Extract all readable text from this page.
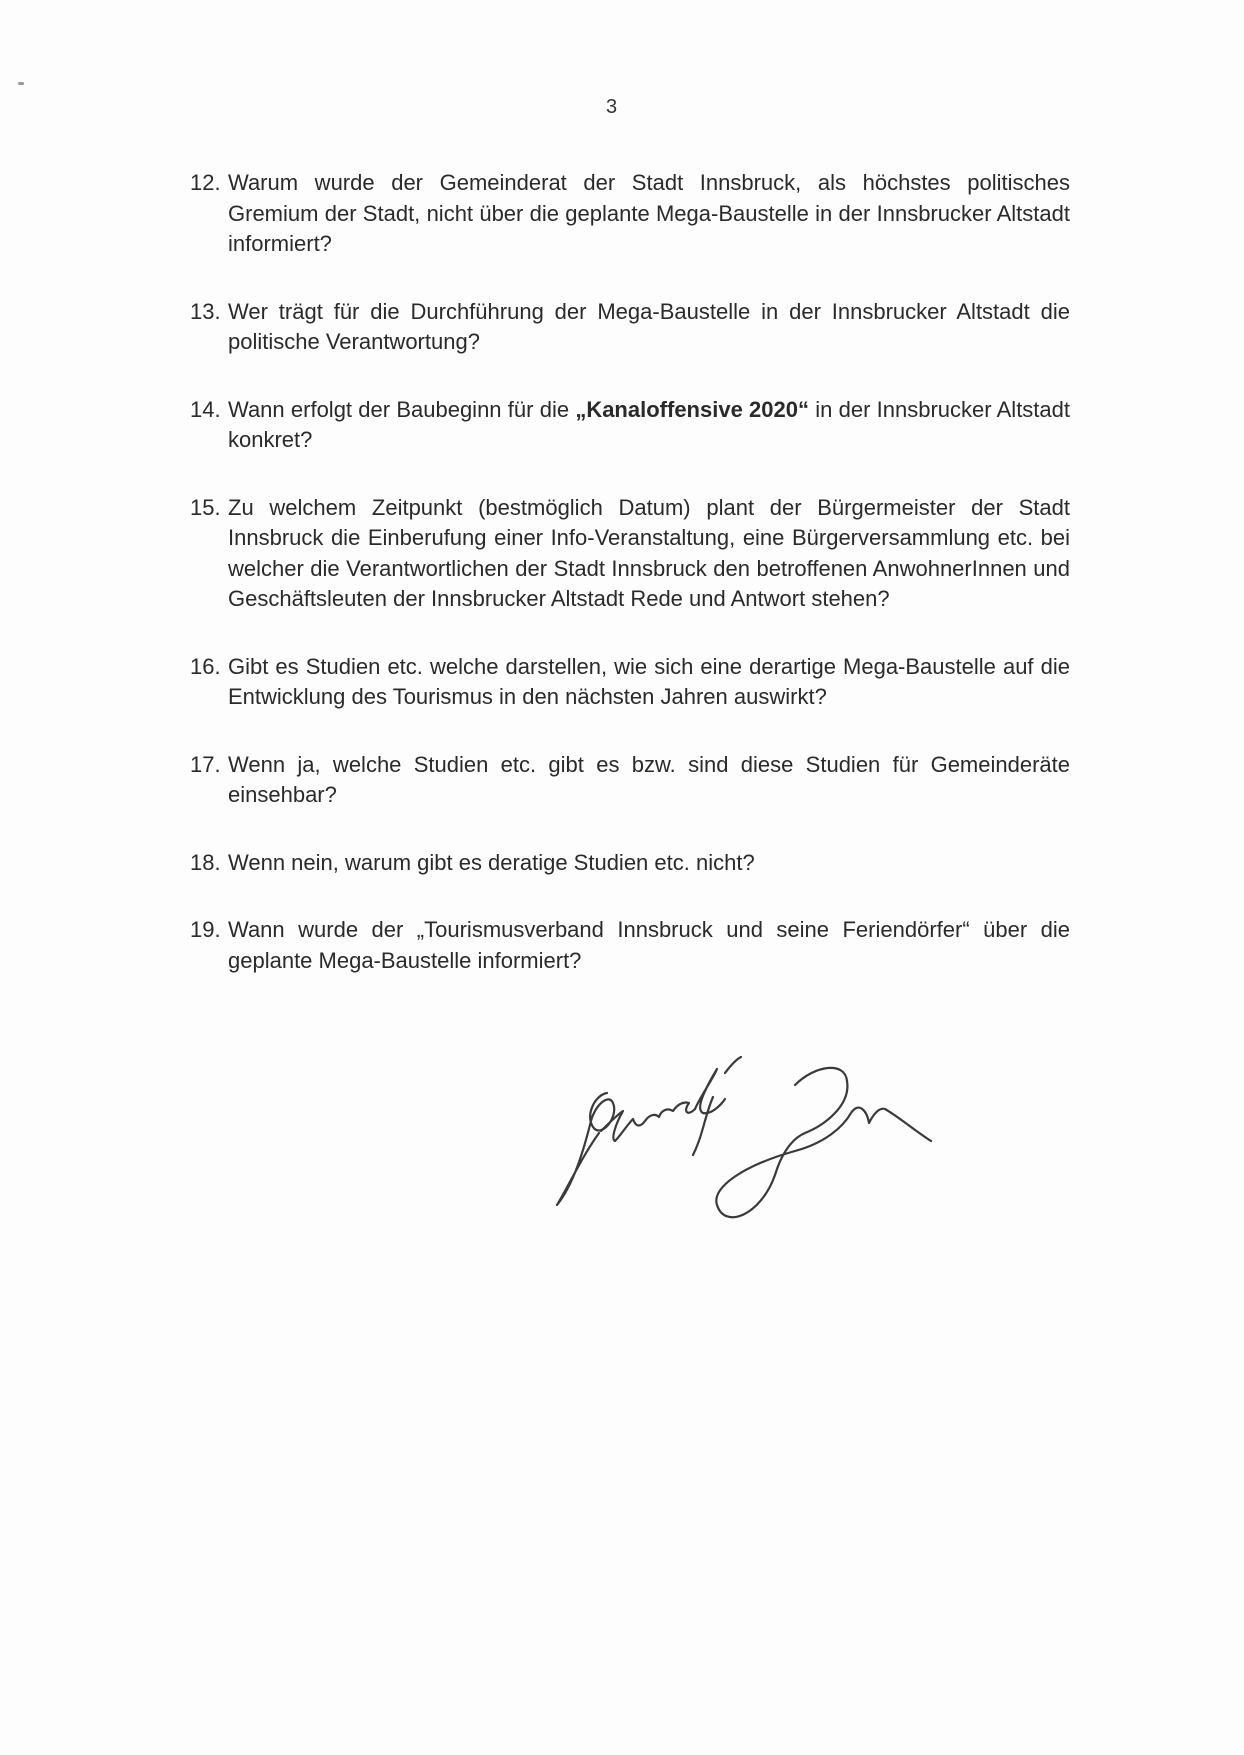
3
12. Warum wurde der Gemeinderat der Stadt Innsbruck, als höchstes politisches Gremium der Stadt, nicht über die geplante Mega-Baustelle in der Innsbrucker Altstadt informiert?
13. Wer trägt für die Durchführung der Mega-Baustelle in der Innsbrucker Altstadt die politische Verantwortung?
14. Wann erfolgt der Baubeginn für die „Kanaloffensive 2020“ in der Innsbrucker Altstadt konkret?
15. Zu welchem Zeitpunkt (bestmöglich Datum) plant der Bürgermeister der Stadt Innsbruck die Einberufung einer Info-Veranstaltung, eine Bürgerversammlung etc. bei welcher die Verantwortlichen der Stadt Innsbruck den betroffenen AnwohnerInnen und Geschäftsleuten der Innsbrucker Altstadt Rede und Antwort stehen?
16. Gibt es Studien etc. welche darstellen, wie sich eine derartige Mega-Baustelle auf die Entwicklung des Tourismus in den nächsten Jahren auswirkt?
17. Wenn ja, welche Studien etc. gibt es bzw. sind diese Studien für Gemeinderäte einsehbar?
18. Wenn nein, warum gibt es deratige Studien etc. nicht?
19. Wann wurde der „Tourismusverband Innsbruck und seine Feriendörfer“ über die geplante Mega-Baustelle informiert?
